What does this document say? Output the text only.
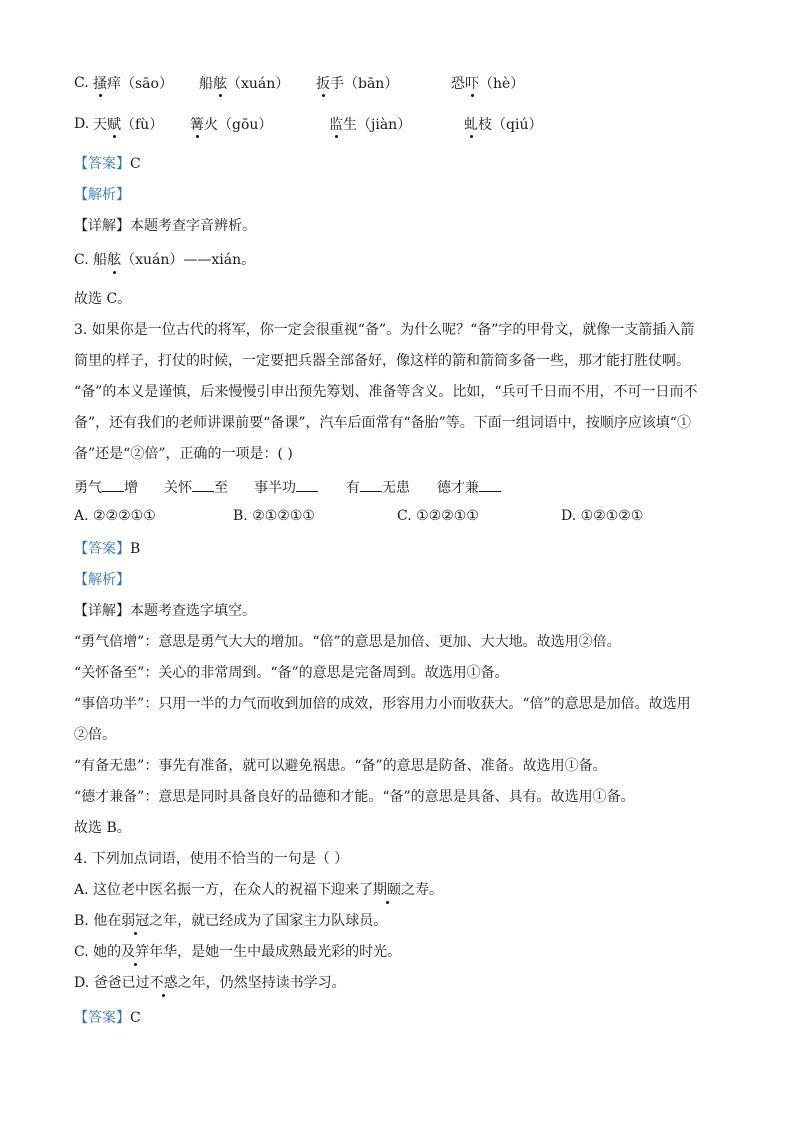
C. 搔痒（sāo） 船舷（xuán） 扳手（bān）	恐吓（hè）
D. 天赋（fù） 篝火（gōu）	监生（jiàn）	虬枝（qiú）
【答案】C
【解析】
【详解】本题考查字音辨析。
C. 船舷（xuán）——xián。
故选 C。
3. 如果你是一位古代的将军，你一定会很重视“备”。为什么呢？“备”字的甲骨文，就像一支箭插入箭
筒里的样子，打仗的时候，一定要把兵器全部备好，像这样的箭和箭筒多备一些，那才能打胜仗啊。
“备”的本义是谨慎，后来慢慢引申出预先筹划、准备等含义。比如，“兵可千日而不用，不可一日而不
备”，还有我们的老师讲课前要“备课”，汽车后面常有“备胎”等。下面一组词语中，按顺序应该填“①
备”还是“②倍”，正确的一项是：( )
勇气 增 关怀 至 事半功	有 无患 德才兼
A. ②②②①①	B. ②①②①①	C. ①②②①①	D. ①②①②①
【答案】B
【解析】
【详解】本题考查选字填空。
“勇气倍增”：意思是勇气大大的增加。“倍”的意思是加倍、更加、大大地。故选用②倍。
“关怀备至”：关心的非常周到。“备”的意思是完备周到。故选用①备。
“事倍功半”：只用一半的力气而收到加倍的成效，形容用力小而收获大。“倍”的意思是加倍。故选用
②倍。
“有备无患”：事先有准备，就可以避免祸患。“备”的意思是防备、准备。故选用①备。
“德才兼备”：意思是同时具备良好的品德和才能。“备”的意思是具备、具有。故选用①备。
故选 B。
4. 下列加点词语，使用不恰当的一句是（ ）
A. 这位老中医名振一方，在众人的祝福下迎来了期颐之寿。
B. 他在弱冠之年，就已经成为了国家主力队球员。
C. 她的及笄年华，是她一生中最成熟最光彩的时光。
D. 爸爸已过不惑之年，仍然坚持读书学习。
【答案】C
